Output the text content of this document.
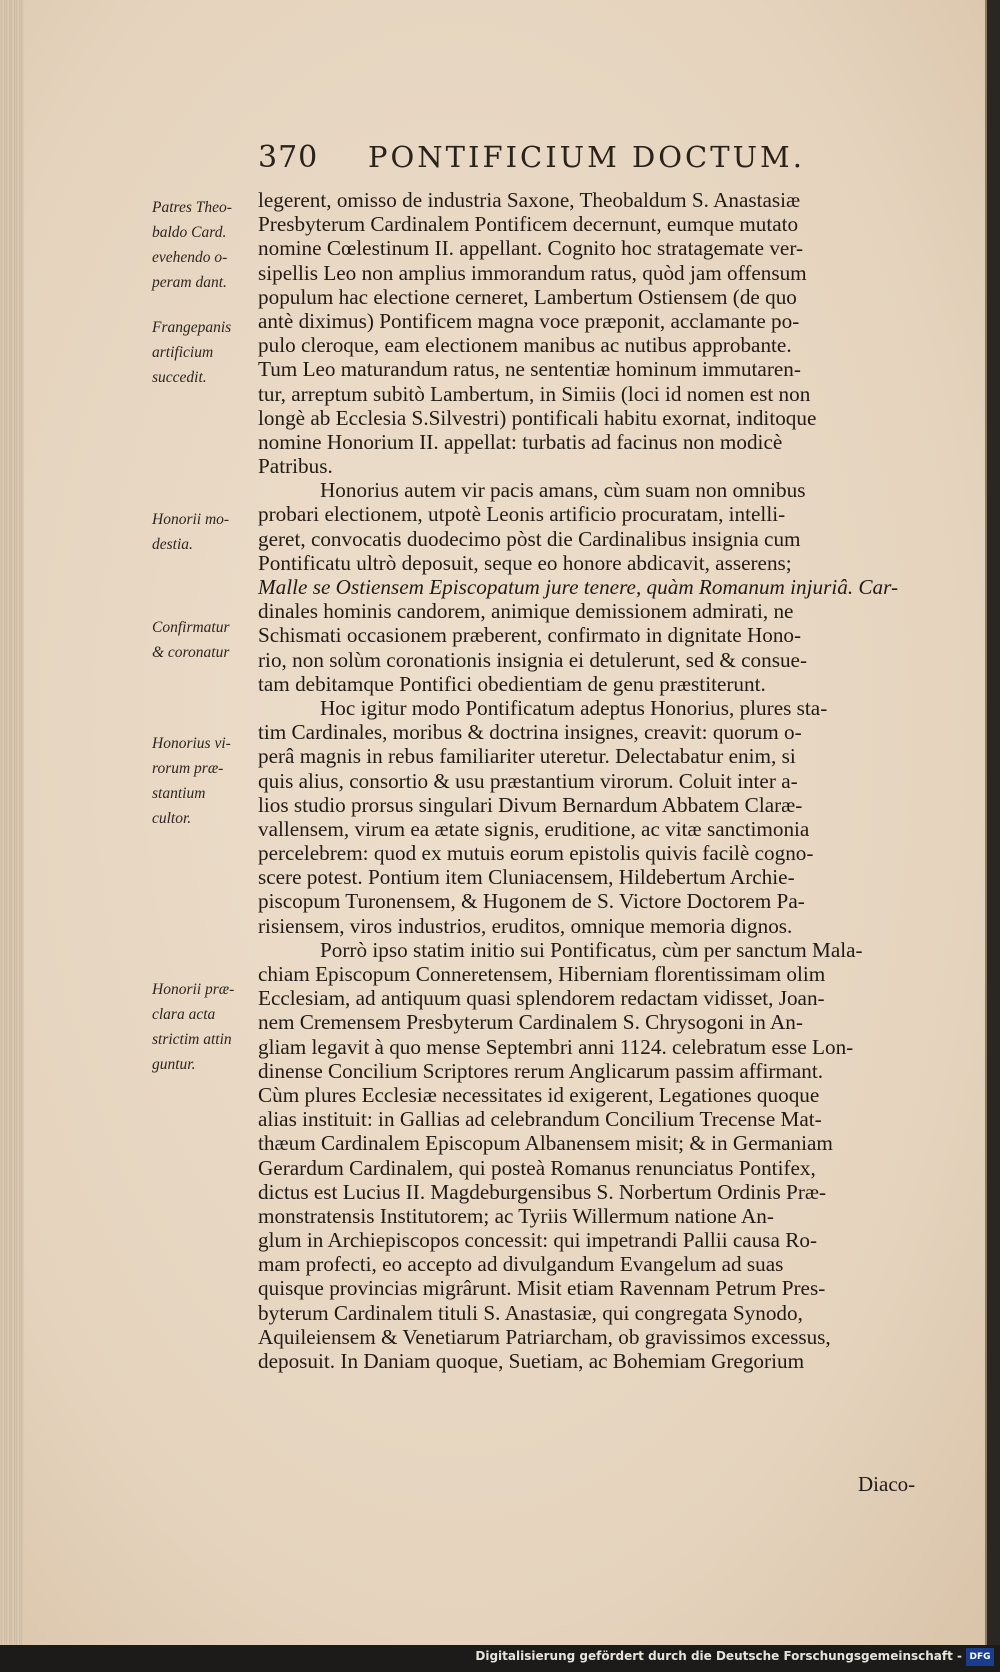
370 PONTIFICIUM DOCTUM.
Patres Theo-
baldo Card.
evehendo o-
peram dant.
Frangepanis
artificium
succedit.
Honorii mo-
destia.
Confirmatur
& coronatur
Honorius vi-
rorum præ-
stantium
cultor.
Honorii præ-
clara acta
strictim attin
guntur.
legerent, omisso de industria Saxone, Theobaldum S. Anastasiæ
Presbyterum Cardinalem Pontificem decernunt, eumque mutato
nomine Cœlestinum II. appellant. Cognito hoc stratagemate ver-
sipellis Leo non amplius immorandum ratus, quòd jam offensum
populum hac electione cerneret, Lambertum Ostiensem (de quo
antè diximus) Pontificem magna voce præponit, acclamante po-
pulo cleroque, eam electionem manibus ac nutibus approbante.
Tum Leo maturandum ratus, ne sententiæ hominum immutaren-
tur, arreptum subitò Lambertum, in Simiis (loci id nomen est non
longè ab Ecclesia S.Silvestri) pontificali habitu exornat, inditoque
nomine Honorium II. appellat: turbatis ad facinus non modicè
Patribus.
Honorius autem vir pacis amans, cùm suam non omnibus
probari electionem, utpotè Leonis artificio procuratam, intelli-
geret, convocatis duodecimo pòst die Cardinalibus insignia cum
Pontificatu ultrò deposuit, seque eo honore abdicavit, asserens;
Malle se Ostiensem Episcopatum jure tenere, quàm Romanum injuriâ. Car-
dinales hominis candorem, animique demissionem admirati, ne
Schismati occasionem præberent, confirmato in dignitate Hono-
rio, non solùm coronationis insignia ei detulerunt, sed & consue-
tam debitamque Pontifici obedientiam de genu præstiterunt.
Hoc igitur modo Pontificatum adeptus Honorius, plures sta-
tim Cardinales, moribus & doctrina insignes, creavit: quorum o-
perâ magnis in rebus familiariter uteretur. Delectabatur enim, si
quis alius, consortio & usu præstantium virorum. Coluit inter a-
lios studio prorsus singulari Divum Bernardum Abbatem Claræ-
vallensem, virum ea ætate signis, eruditione, ac vitæ sanctimonia
percelebrem: quod ex mutuis eorum epistolis quivis facilè cogno-
scere potest. Pontium item Cluniacensem, Hildebertum Archie-
piscopum Turonensem, & Hugonem de S. Victore Doctorem Pa-
risiensem, viros industrios, eruditos, omnique memoria dignos.
Porrò ipso statim initio sui Pontificatus, cùm per sanctum Mala-
chiam Episcopum Conneretensem, Hiberniam florentissimam olim
Ecclesiam, ad antiquum quasi splendorem redactam vidisset, Joan-
nem Cremensem Presbyterum Cardinalem S. Chrysogoni in An-
gliam legavit à quo mense Septembri anni 1124. celebratum esse Lon-
dinense Concilium Scriptores rerum Anglicarum passim affirmant.
Cùm plures Ecclesiæ necessitates id exigerent, Legationes quoque
alias instituit: in Gallias ad celebrandum Concilium Trecense Mat-
thæum Cardinalem Episcopum Albanensem misit; & in Germaniam
Gerardum Cardinalem, qui posteà Romanus renunciatus Pontifex,
dictus est Lucius II. Magdeburgensibus S. Norbertum Ordinis Præ-
monstratensis Institutorem; ac Tyriis Willermum natione An-
glum in Archiepiscopos concessit: qui impetrandi Pallii causa Ro-
mam profecti, eo accepto ad divulgandum Evangelum ad suas
quisque provincias migrârunt. Misit etiam Ravennam Petrum Pres-
byterum Cardinalem tituli S. Anastasiæ, qui congregata Synodo,
Aquileiensem & Venetiarum Patriarcham, ob gravissimos excessus,
deposuit. In Daniam quoque, Suetiam, ac Bohemiam Gregorium
Diaco-
Digitalisierung gefördert durch die Deutsche Forschungsgemeinschaft - DFG
